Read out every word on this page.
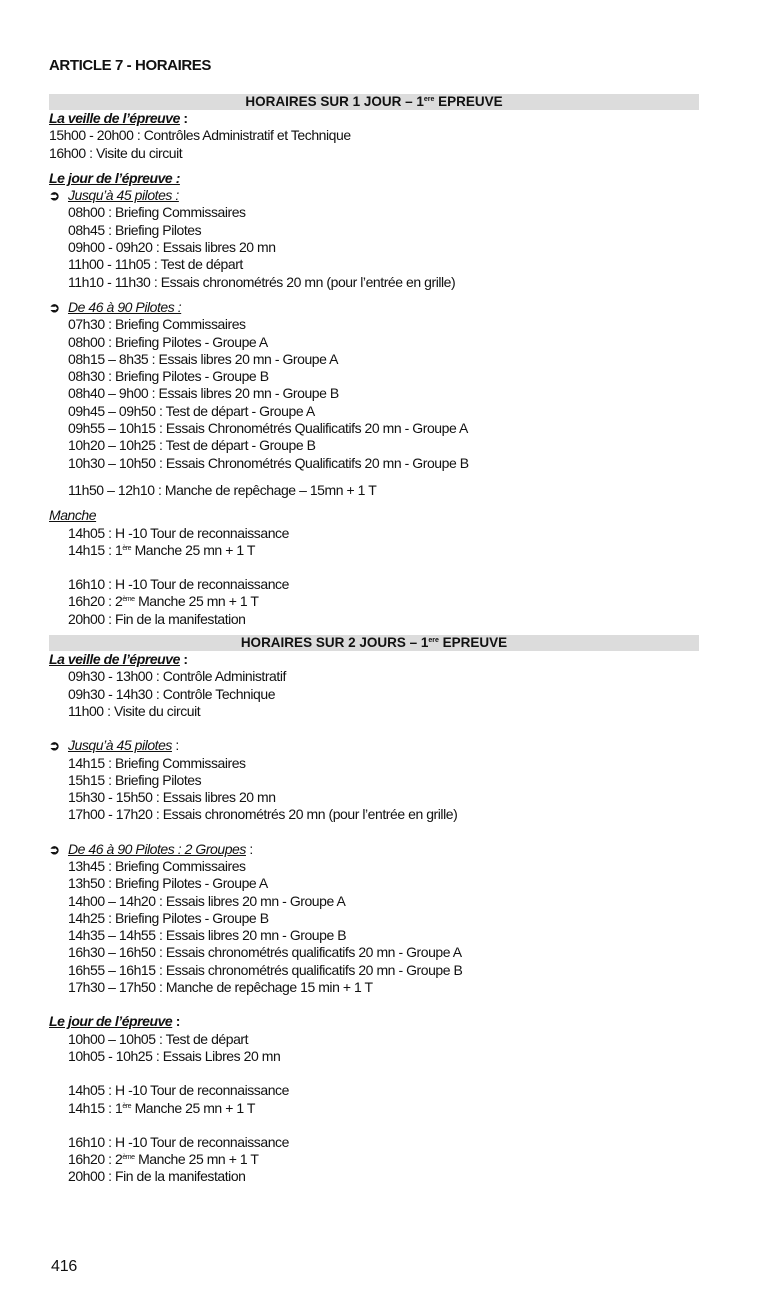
ARTICLE 7 - HORAIRES
HORAIRES SUR 1 JOUR – 1ere EPREUVE
La veille de l’épreuve :
15h00 - 20h00 : Contrôles Administratif et Technique
16h00 : Visite du circuit
Le jour de l’épreuve :
➲ Jusqu’à 45 pilotes :
08h00 : Briefing Commissaires
08h45 : Briefing Pilotes
09h00 - 09h20 : Essais libres 20 mn
11h00 - 11h05 : Test de départ
11h10 - 11h30 : Essais chronométrés 20 mn (pour l’entrée en grille)
➲ De 46 à 90 Pilotes :
07h30 : Briefing Commissaires
08h00 : Briefing Pilotes - Groupe A
08h15 – 8h35 : Essais libres 20 mn - Groupe A
08h30 : Briefing Pilotes - Groupe B
08h40 – 9h00 : Essais libres 20 mn - Groupe B
09h45 – 09h50 : Test de départ - Groupe A
09h55 – 10h15 : Essais Chronométrés Qualificatifs 20 mn - Groupe A
10h20 – 10h25 : Test de départ - Groupe B
10h30 – 10h50 : Essais Chronométrés Qualificatifs 20 mn - Groupe B
11h50 – 12h10 : Manche de repêchage – 15mn + 1 T
Manche
14h05 : H -10 Tour de reconnaissance
14h15 : 1ère Manche 25 mn + 1 T
16h10 : H -10 Tour de reconnaissance
16h20 : 2ème Manche 25 mn + 1 T
20h00 : Fin de la manifestation
HORAIRES SUR 2 JOURS – 1ere EPREUVE
La veille de l’épreuve :
09h30 - 13h00 : Contrôle Administratif
09h30 - 14h30 : Contrôle Technique
11h00 : Visite du circuit
➲ Jusqu’à 45 pilotes :
14h15 : Briefing Commissaires
15h15 : Briefing Pilotes
15h30 - 15h50 : Essais libres 20 mn
17h00 - 17h20 : Essais chronométrés 20 mn (pour l’entrée en grille)
➲ De 46 à 90 Pilotes : 2 Groupes :
13h45 : Briefing Commissaires
13h50 : Briefing Pilotes - Groupe A
14h00 – 14h20 : Essais libres 20 mn - Groupe A
14h25 : Briefing Pilotes - Groupe B
14h35 – 14h55 : Essais libres 20 mn - Groupe B
16h30 – 16h50 : Essais chronométrés qualificatifs 20 mn - Groupe A
16h55 – 16h15 : Essais chronométrés qualificatifs 20 mn - Groupe B
17h30 – 17h50 : Manche de repêchage 15 min + 1 T
Le jour de l’épreuve :
10h00 – 10h05 : Test de départ
10h05 - 10h25 : Essais Libres 20 mn
14h05 : H -10 Tour de reconnaissance
14h15 : 1ère Manche 25 mn + 1 T
16h10 : H -10 Tour de reconnaissance
16h20 : 2ème Manche 25 mn + 1 T
20h00 : Fin de la manifestation
416
